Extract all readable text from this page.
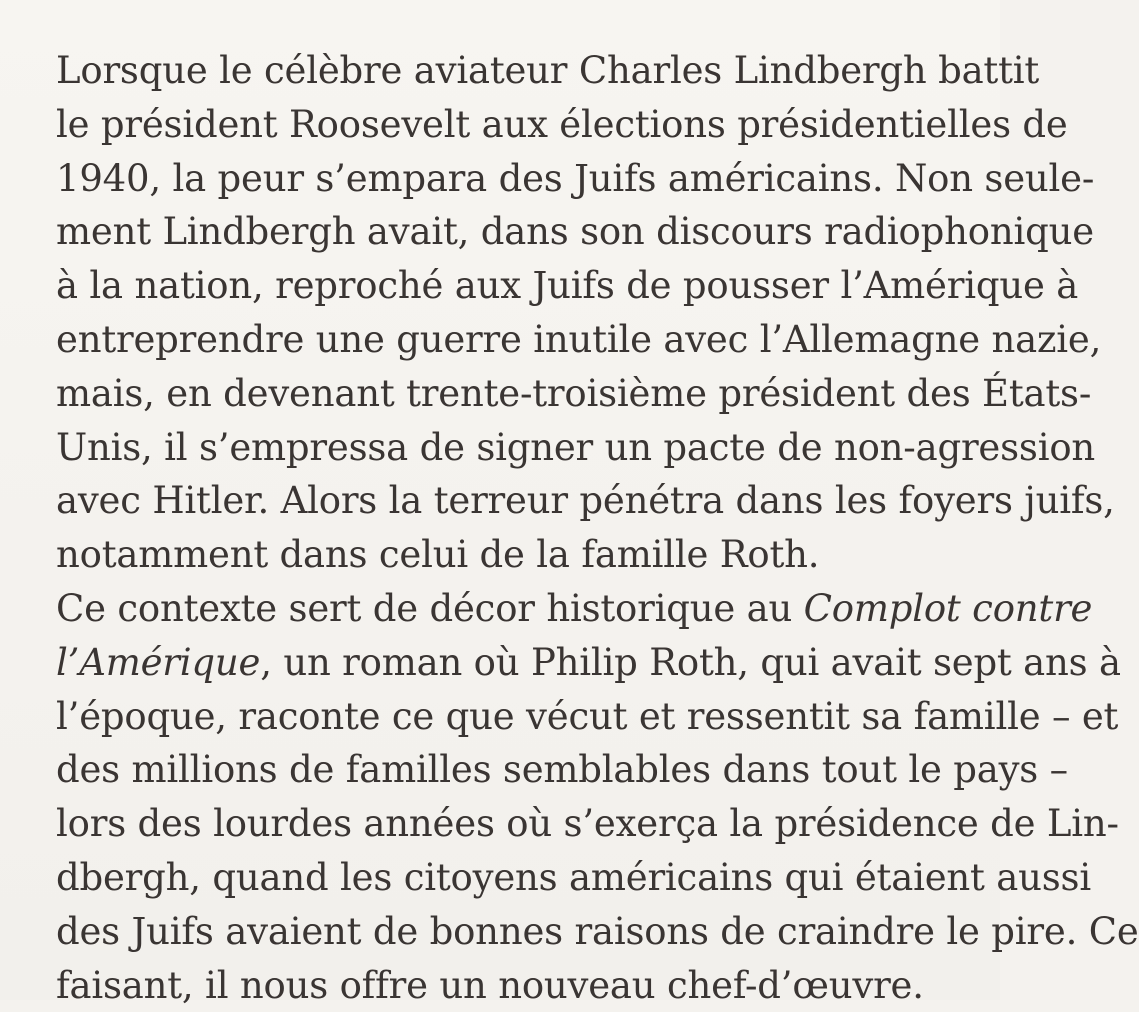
Lorsque le célèbre aviateur Charles Lindbergh battit
le président Roosevelt aux élections présidentielles de
1940, la peur s’empara des Juifs américains. Non seule-
ment Lindbergh avait, dans son discours radiophonique
à la nation, reproché aux Juifs de pousser l’Amérique à
entreprendre une guerre inutile avec l’Allemagne nazie,
mais, en devenant trente-troisième président des États-
Unis, il s’empressa de signer un pacte de non-agression
avec Hitler. Alors la terreur pénétra dans les foyers juifs,
notamment dans celui de la famille Roth.
Ce contexte sert de décor historique au Complot contre
l’Amérique, un roman où Philip Roth, qui avait sept ans à
l’époque, raconte ce que vécut et ressentit sa famille – et
des millions de familles semblables dans tout le pays –
lors des lourdes années où s’exerça la présidence de Lin-
dbergh, quand les citoyens américains qui étaient aussi
des Juifs avaient de bonnes raisons de craindre le pire. Ce
faisant, il nous offre un nouveau chef-d’œuvre.
